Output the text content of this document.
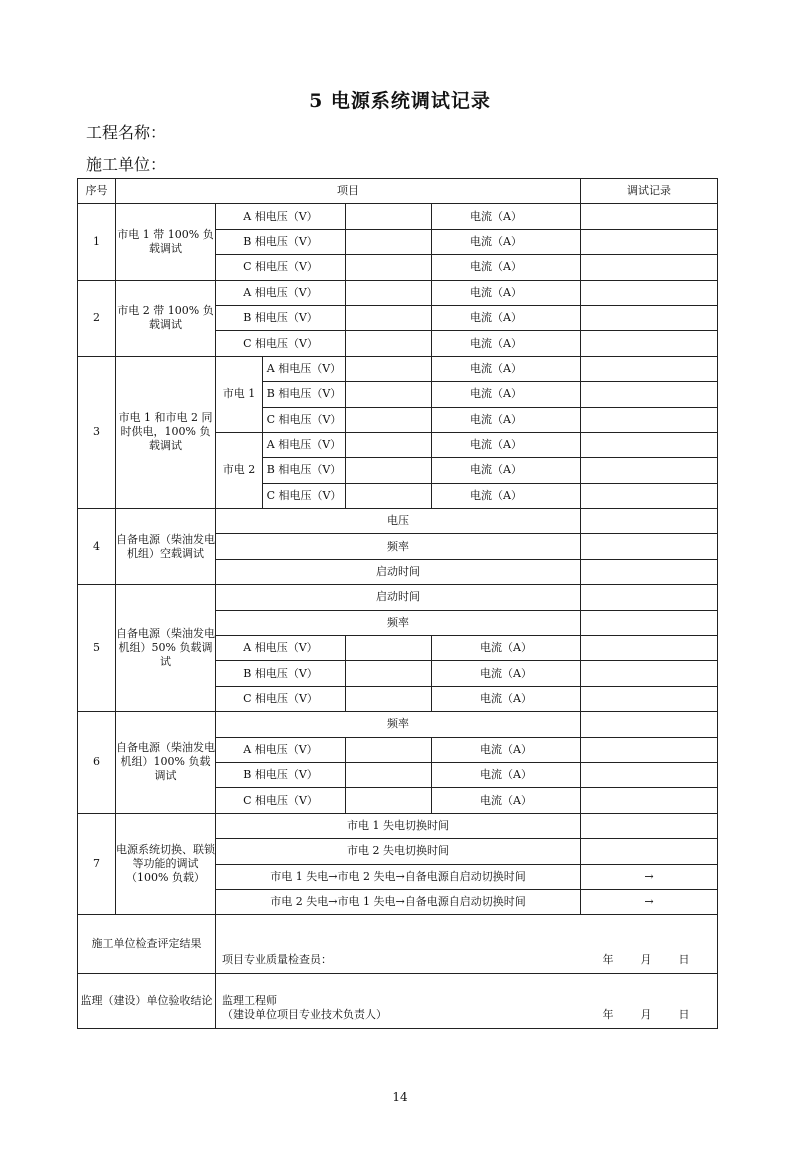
5 电源系统调试记录
工程名称：
施工单位：
序号	项目					调试记录
1	市电 1 带 100% 负载调试	A 相电压（V）			电流（A）	
		B 相电压（V）			电流（A）	
		C 相电压（V）			电流（A）	
2	市电 2 带 100% 负载调试	A 相电压（V）			电流（A）	
		B 相电压（V）			电流（A）	
		C 相电压（V）			电流（A）	
3	市电 1 和市电 2 同时供电，100% 负载调试	市电 1	A 相电压（V）		电流（A）	
			B 相电压（V）		电流（A）	
			C 相电压（V）		电流（A）	
		市电 2	A 相电压（V）		电流（A）	
			B 相电压（V）		电流（A）	
			C 相电压（V）		电流（A）	
4	自备电源（柴油发电机组）空载调试	电压				
		频率				
		启动时间				
5	自备电源（柴油发电机组）50% 负载调试	启动时间				
		频率				
		A 相电压（V）			电流（A）	
		B 相电压（V）			电流（A）	
		C 相电压（V）			电流（A）	
6	自备电源（柴油发电机组）100% 负载调试	频率				
		A 相电压（V）			电流（A）	
		B 相电压（V）			电流（A）	
		C 相电压（V）			电流（A）	
7	电源系统切换、联锁等功能的调试（100% 负载）	市电 1 失电切换时间				
		市电 2 失电切换时间				
		市电 1 失电→市电 2 失电→自备电源自启动切换时间				→
		市电 2 失电→市电 1 失电→自备电源自启动切换时间				→
施工单位检查评定结果		项目专业质量检查员： 年 月 日				

监理（建设）单位验收结论		监理工程师
（建设单位项目专业技术负责人） 年 月 日				
14
